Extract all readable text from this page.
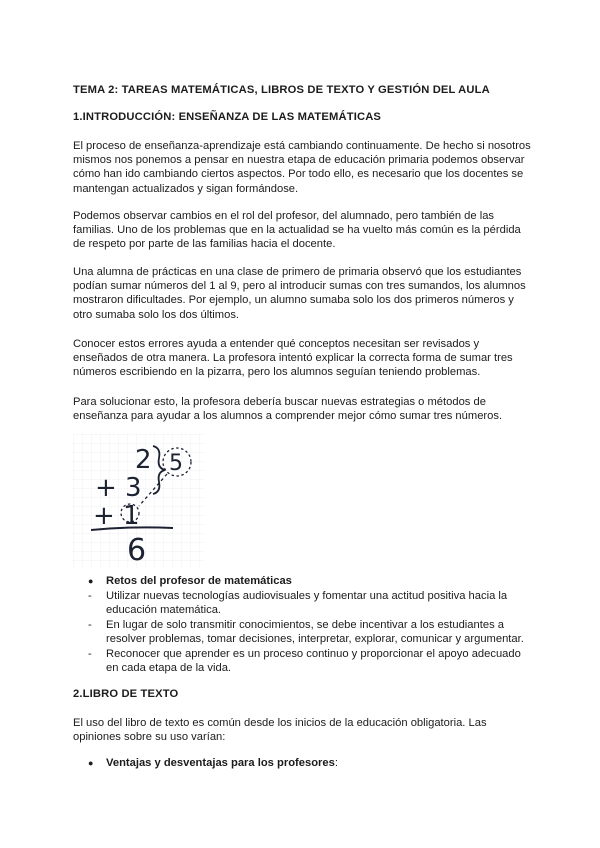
TEMA 2: TAREAS MATEMÁTICAS, LIBROS DE TEXTO Y GESTIÓN DEL AULA
1.INTRODUCCIÓN: ENSEÑANZA DE LAS MATEMÁTICAS
El proceso de enseñanza-aprendizaje está cambiando continuamente. De hecho si nosotros
mismos nos ponemos a pensar en nuestra etapa de educación primaria podemos observar
cómo han ido cambiando ciertos aspectos. Por todo ello, es necesario que los docentes se
mantengan actualizados y sigan formándose.
Podemos observar cambios en el rol del profesor, del alumnado, pero también de las
familias. Uno de los problemas que en la actualidad se ha vuelto más común es la pérdida
de respeto por parte de las familias hacia el docente.
Una alumna de prácticas en una clase de primero de primaria observó que los estudiantes
podían sumar números del 1 al 9, pero al introducir sumas con tres sumandos, los alumnos
mostraron dificultades. Por ejemplo, un alumno sumaba solo los dos primeros números y
otro sumaba solo los dos últimos.
Conocer estos errores ayuda a entender qué conceptos necesitan ser revisados y
enseñados de otra manera. La profesora intentó explicar la correcta forma de sumar tres
números escribiendo en la pizarra, pero los alumnos seguían teniendo problemas.
Para solucionar esto, la profesora debería buscar nuevas estrategias o métodos de
enseñanza para ayudar a los alumnos a comprender mejor cómo sumar tres números.
2
+ 3
+ 1
6
5
● Retos del profesor de matemáticas
- Utilizar nuevas tecnologías audiovisuales y fomentar una actitud positiva hacia la
educación matemática.
- En lugar de solo transmitir conocimientos, se debe incentivar a los estudiantes a
resolver problemas, tomar decisiones, interpretar, explorar, comunicar y argumentar.
- Reconocer que aprender es un proceso continuo y proporcionar el apoyo adecuado
en cada etapa de la vida.
2.LIBRO DE TEXTO
El uso del libro de texto es común desde los inicios de la educación obligatoria. Las
opiniones sobre su uso varían:
● Ventajas y desventajas para los profesores:
